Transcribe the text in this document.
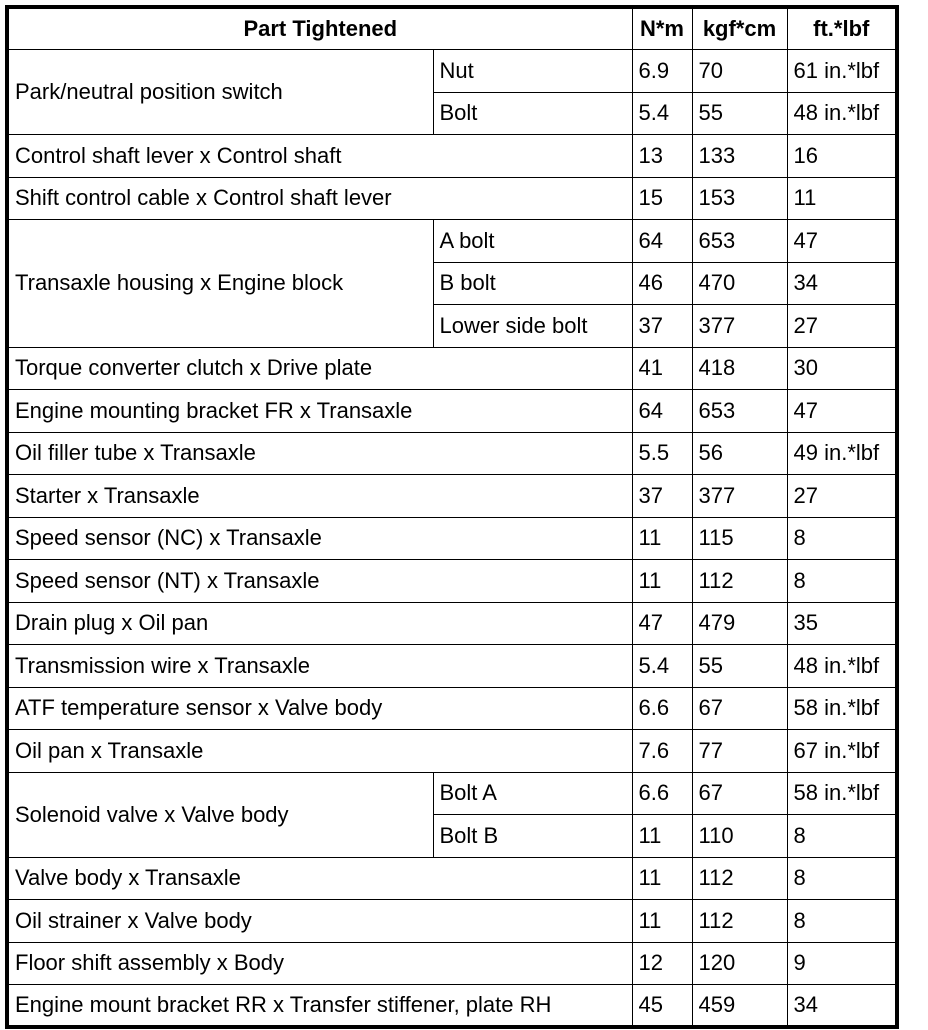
Part Tightened		N*m	kgf*cm	ft.*lbf
Park/neutral position switch	Nut	6.9	70	61 in.*lbf
	Bolt	5.4	55	48 in.*lbf
Control shaft lever x Control shaft		13	133	16
Shift control cable x Control shaft lever		15	153	11
Transaxle housing x Engine block	A bolt	64	653	47
	B bolt	46	470	34
	Lower side bolt	37	377	27
Torque converter clutch x Drive plate		41	418	30
Engine mounting bracket FR x Transaxle		64	653	47
Oil filler tube x Transaxle		5.5	56	49 in.*lbf
Starter x Transaxle		37	377	27
Speed sensor (NC) x Transaxle		11	115	8
Speed sensor (NT) x Transaxle		11	112	8
Drain plug x Oil pan		47	479	35
Transmission wire x Transaxle		5.4	55	48 in.*lbf
ATF temperature sensor x Valve body		6.6	67	58 in.*lbf
Oil pan x Transaxle		7.6	77	67 in.*lbf
Solenoid valve x Valve body	Bolt A	6.6	67	58 in.*lbf
	Bolt B	11	110	8
Valve body x Transaxle		11	112	8
Oil strainer x Valve body		11	112	8
Floor shift assembly x Body		12	120	9
Engine mount bracket RR x Transfer stiffener, plate RH		45	459	34
